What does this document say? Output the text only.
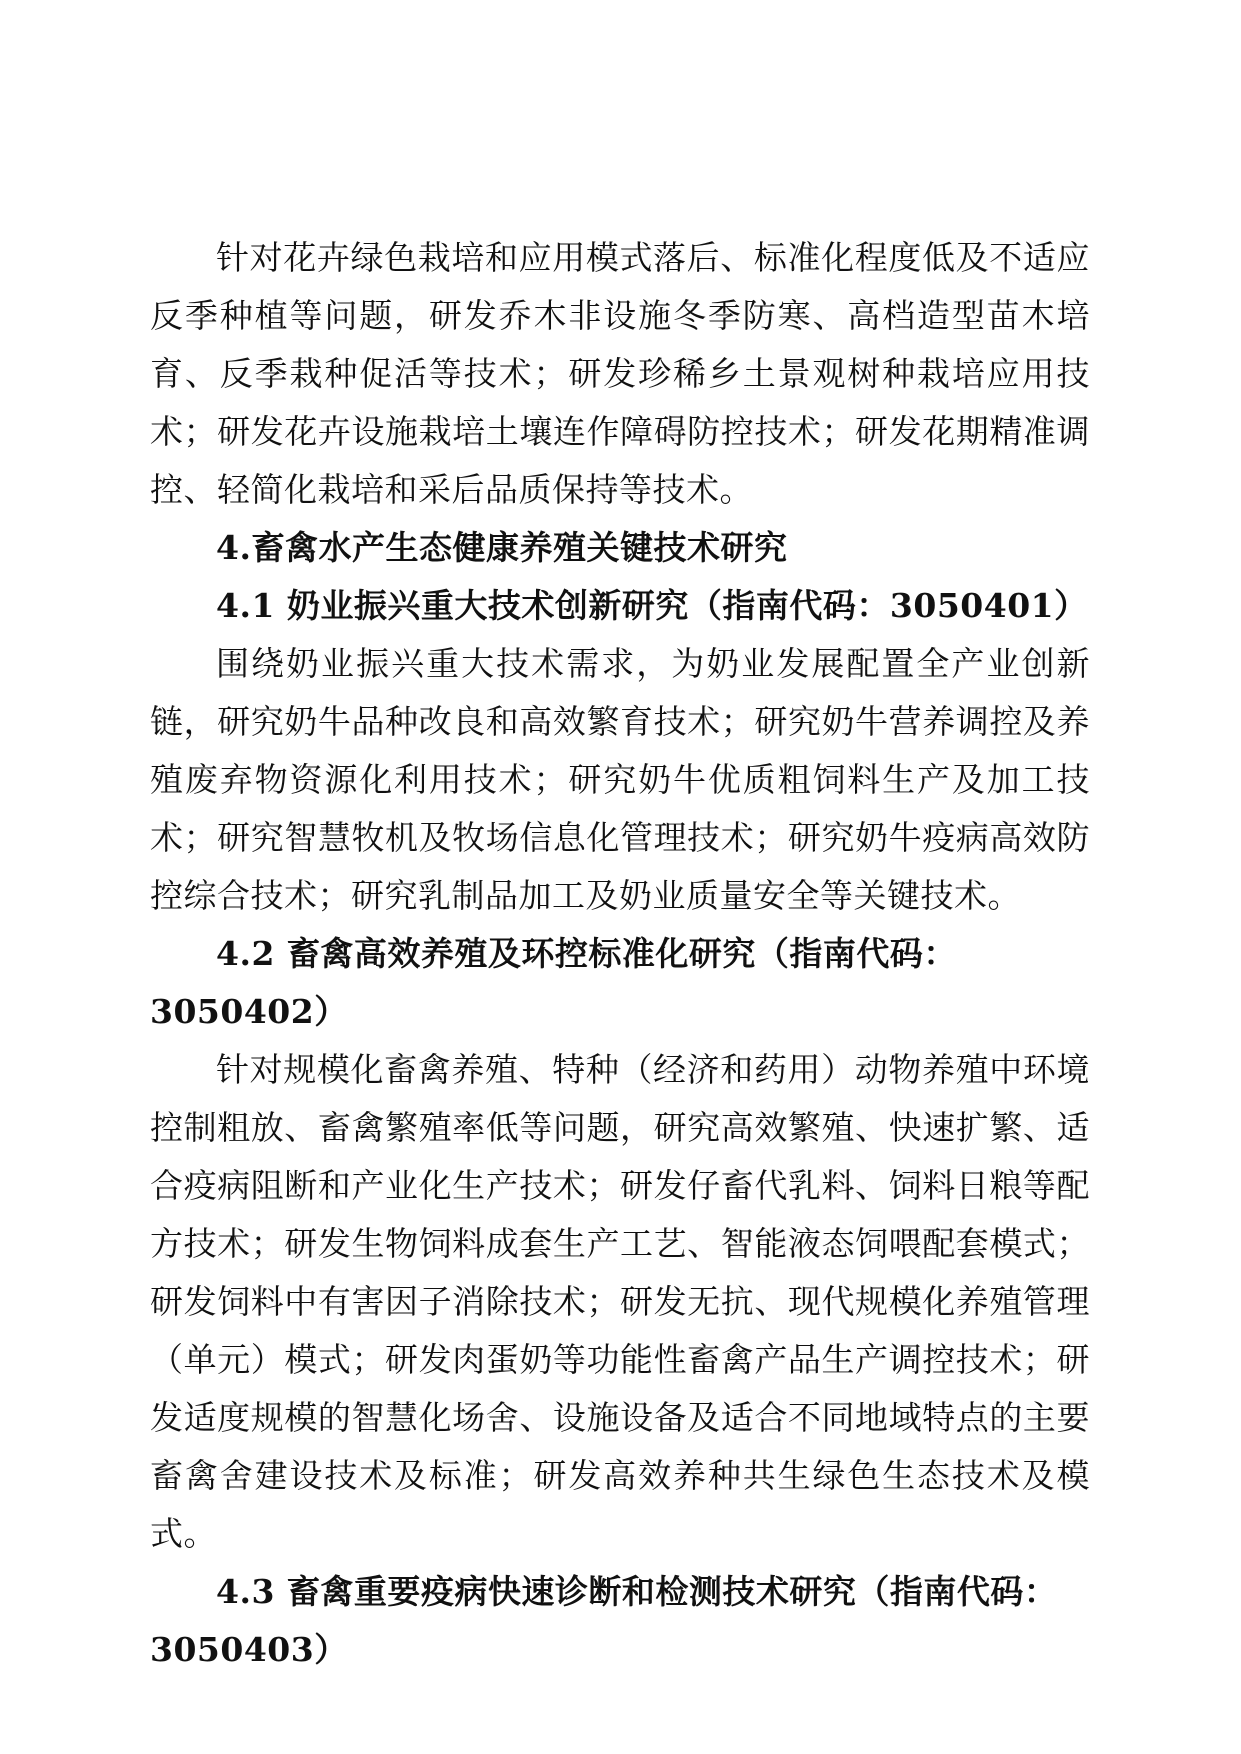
针对花卉绿色栽培和应用模式落后、标准化程度低及不适应反季种植等问题，研发乔木非设施冬季防寒、高档造型苗木培育、反季栽种促活等技术；研发珍稀乡土景观树种栽培应用技术；研发花卉设施栽培土壤连作障碍防控技术；研发花期精准调控、轻简化栽培和采后品质保持等技术。

4.畜禽水产生态健康养殖关键技术研究

4.1 奶业振兴重大技术创新研究（指南代码：3050401）

围绕奶业振兴重大技术需求，为奶业发展配置全产业创新链，研究奶牛品种改良和高效繁育技术；研究奶牛营养调控及养殖废弃物资源化利用技术；研究奶牛优质粗饲料生产及加工技术；研究智慧牧机及牧场信息化管理技术；研究奶牛疫病高效防控综合技术；研究乳制品加工及奶业质量安全等关键技术。

4.2 畜禽高效养殖及环控标准化研究（指南代码：3050402）

针对规模化畜禽养殖、特种（经济和药用）动物养殖中环境控制粗放、畜禽繁殖率低等问题，研究高效繁殖、快速扩繁、适合疫病阻断和产业化生产技术；研发仔畜代乳料、饲料日粮等配方技术；研发生物饲料成套生产工艺、智能液态饲喂配套模式；研发饲料中有害因子消除技术；研发无抗、现代规模化养殖管理（单元）模式；研发肉蛋奶等功能性畜禽产品生产调控技术；研发适度规模的智慧化场舍、设施设备及适合不同地域特点的主要畜禽舍建设技术及标准；研发高效养种共生绿色生态技术及模式。

4.3 畜禽重要疫病快速诊断和检测技术研究（指南代码：3050403）
